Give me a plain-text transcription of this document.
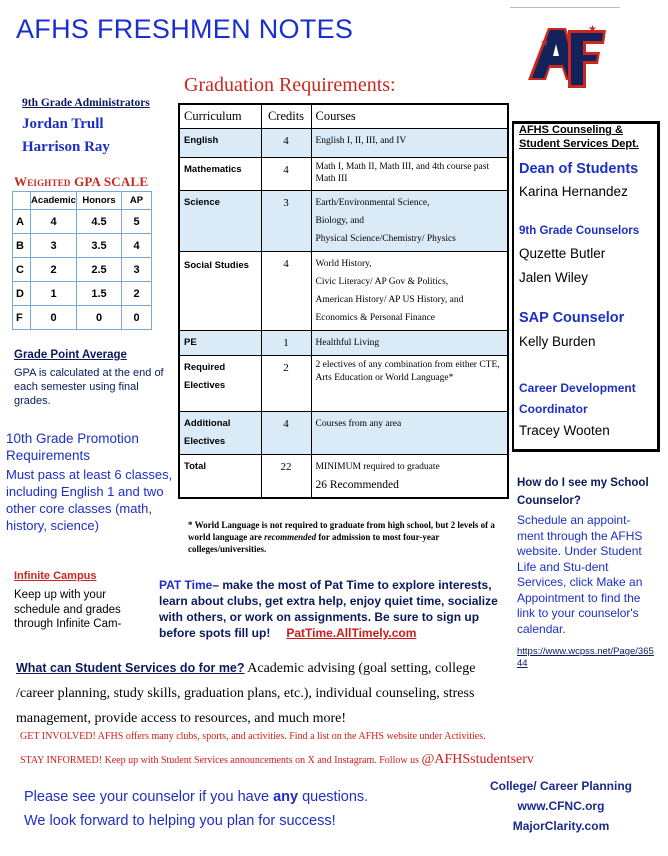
AFHS FRESHMEN NOTES	★
★
Graduation Requirements:
9th Grade Administrators
Jordan Trull
Harrison Ray
Weighted GPA SCALE
	Academic	Honors	AP
A	4	4.5	5
B	3	3.5	4
C	2	2.5	3
D	1	1.5	2
F	0	0	0
Grade Point Average
GPA is calculated at the end of each semester using final grades.
10th Grade Promotion Requirements
Must pass at least 6 classes, including English 1 and two other core classes (math, history, science)
Curriculum	Credits	Courses
English	4	English I, II, III, and IV

Mathematics	4	Math I, Math II, Math III, and 4th course past Math III

Science	3	Earth/Environmental Science,
Biology, and
Physical Science/Chemistry/ Physics

Social Studies	4	World History,
Civic Literacy/ AP Gov & Politics,
American History/ AP US History, and
Economics & Personal Finance

PE	1	Healthful Living

Required Electives	2	2 electives of any combination from either CTE, Arts Education or World Language*

Additional Electives	4	Courses from any area

Total	22	MINIMUM required to graduate
26 Recommended
* World Language is not required to graduate from high school, but 2 levels of a world language are recommended for admission to most four-year colleges/universities.
AFHS Counseling & Student Services Dept.
Dean of Students
Karina Hernandez
9th Grade Counselors
Quzette Butler
Jalen Wiley
SAP Counselor
Kelly Burden
Career Development Coordinator
Tracey Wooten
How do I see my School Counselor?
Schedule an appoint-ment through the AFHS website. Under Student Life and Stu-dent Services, click Make an Appointment to find the link to your counselor's calendar.
https://www.wcpss.net/Page/36544
Infinite Campus
Keep up with your schedule and grades through Infinite Cam-
PAT Time– make the most of Pat Time to explore interests, learn about clubs, get extra help, enjoy quiet time, socialize with others, or work on assignments. Be sure to sign up before spots fill up! PatTime.AllTimely.com
What can Student Services do for me? Academic advising (goal setting, college /career planning, study skills, graduation plans, etc.), individual counseling, stress management, provide access to resources, and much more!
GET INVOLVED! AFHS offers many clubs, sports, and activities. Find a list on the AFHS website under Activities.
STAY INFORMED! Keep up with Student Services announcements on X and Instagram. Follow us @AFHSstudentserv
College/ Career Planning
www.CFNC.org
MajorClarity.com
Please see your counselor if you have any questions.
We look forward to helping you plan for success!
